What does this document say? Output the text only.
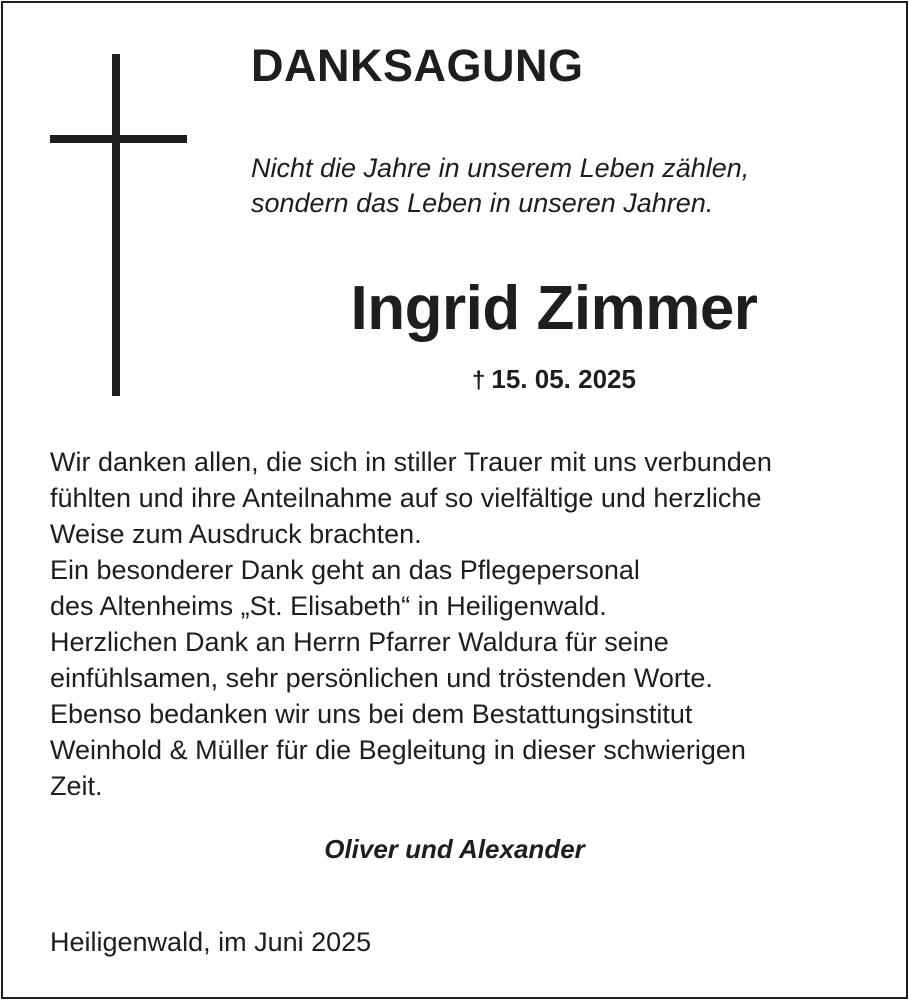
DANKSAGUNG
Nicht die Jahre in unserem Leben zählen,
sondern das Leben in unseren Jahren.
Ingrid Zimmer
† 15. 05. 2025
Wir danken allen, die sich in stiller Trauer mit uns verbunden
fühlten und ihre Anteilnahme auf so vielfältige und herzliche
Weise zum Ausdruck brachten.
Ein besonderer Dank geht an das Pflegepersonal
des Altenheims „St. Elisabeth“ in Heiligenwald.
Herzlichen Dank an Herrn Pfarrer Waldura für seine
einfühlsamen, sehr persönlichen und tröstenden Worte.
Ebenso bedanken wir uns bei dem Bestattungsinstitut
Weinhold & Müller für die Begleitung in dieser schwierigen
Zeit.
Oliver und Alexander
Heiligenwald, im Juni 2025
